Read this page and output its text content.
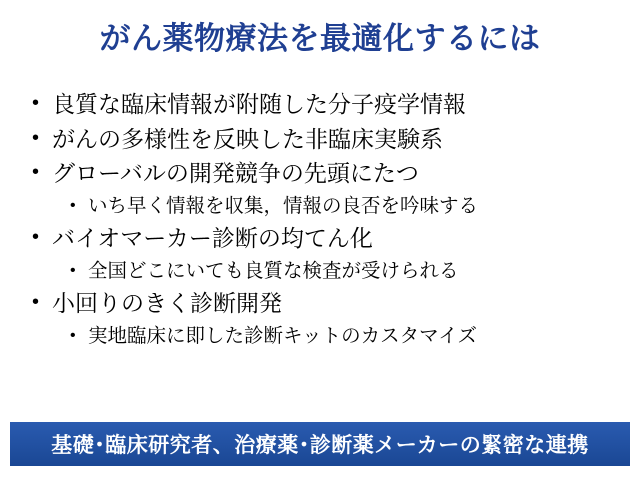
がん薬物療法を最適化するには
• 良質な臨床情報が附随した分子疫学情報
• がんの多様性を反映した非臨床実験系
• グローバルの開発競争の先頭にたつ
• いち早く情報を収集，情報の良否を吟味する
• バイオマーカー診断の均てん化
• 全国どこにいても良質な検査が受けられる
• 小回りのきく診断開発
• 実地臨床に即した診断キットのカスタマイズ
基礎･臨床研究者、治療薬･診断薬メーカーの緊密な連携
